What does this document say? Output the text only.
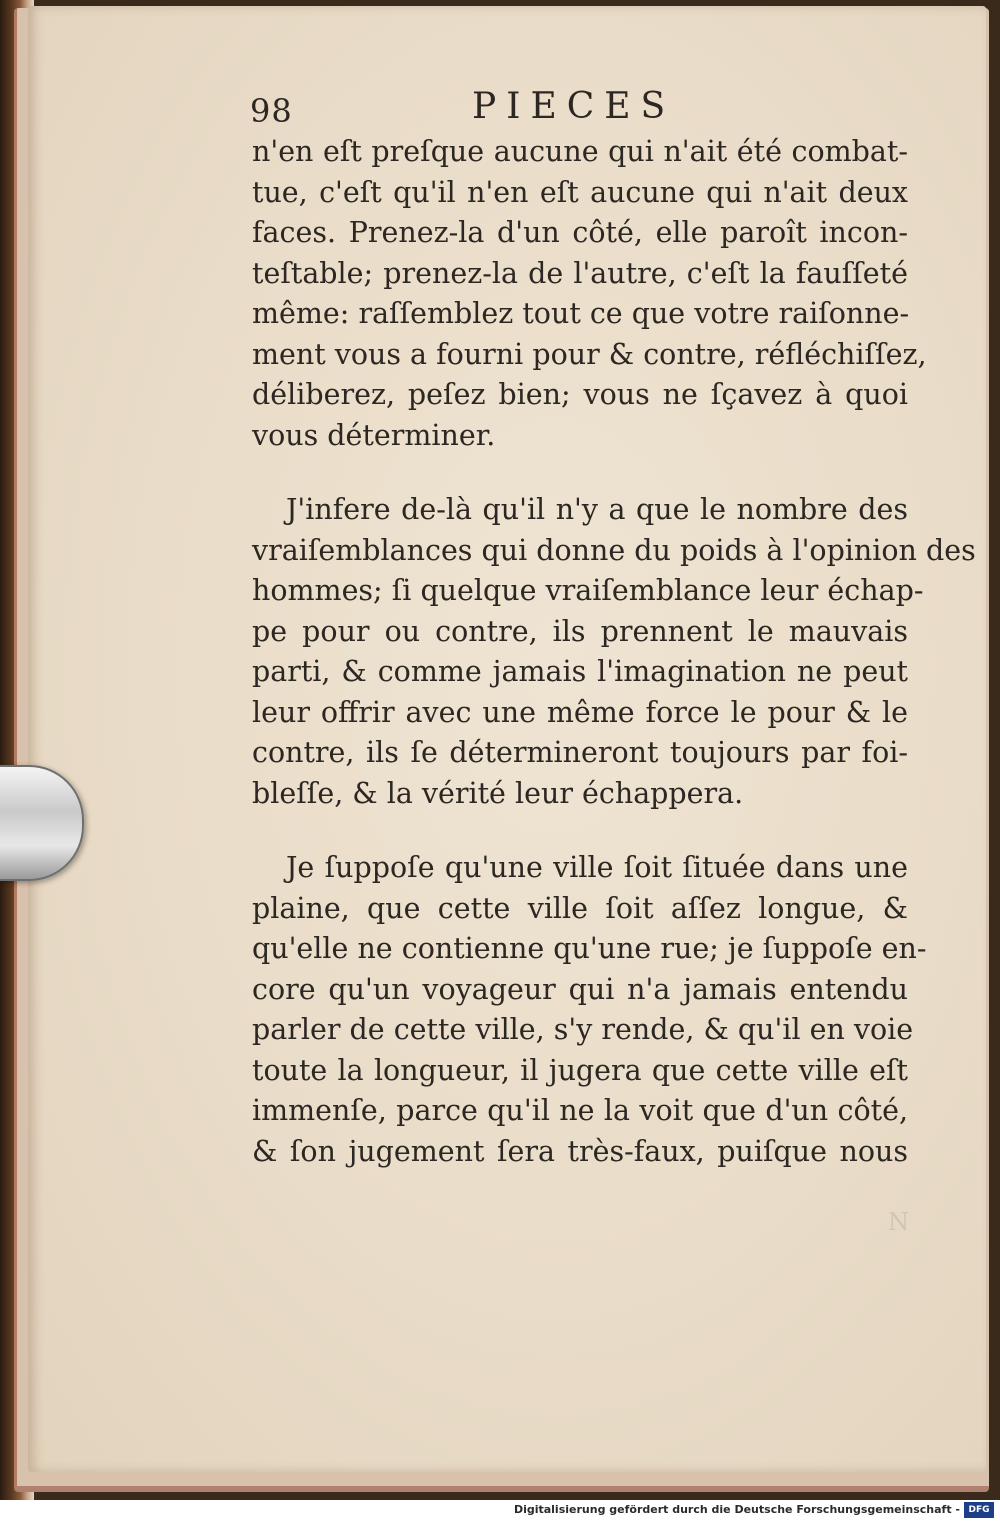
98	PIECES
n'en eſt preſque aucune qui n'ait été combat-
tue, c'eſt qu'il n'en eſt aucune qui n'ait deux
faces. Prenez-la d'un côté, elle paroît incon-
teſtable; prenez-la de l'autre, c'eſt la fauſſeté
même: raſſemblez tout ce que votre raiſonne-
ment vous a fourni pour & contre, réfléchiſſez,
déliberez, peſez bien; vous ne ſçavez à quoi
vous déterminer.
J'infere de-là qu'il n'y a que le nombre des
vraiſemblances qui donne du poids à l'opinion des
hommes; ſi quelque vraiſemblance leur échap-
pe pour ou contre, ils prennent le mauvais
parti, & comme jamais l'imagination ne peut
leur offrir avec une même force le pour & le
contre, ils ſe détermineront toujours par foi-
bleſſe, & la vérité leur échappera.
Je ſuppoſe qu'une ville ſoit ſituée dans une
plaine, que cette ville ſoit aſſez longue, &
qu'elle ne contienne qu'une rue; je ſuppoſe en-
core qu'un voyageur qui n'a jamais entendu
parler de cette ville, s'y rende, & qu'il en voie
toute la longueur, il jugera que cette ville eſt
immenſe, parce qu'il ne la voit que d'un côté,
& ſon jugement ſera très-faux, puiſque nous
N
Digitalisierung gefördert durch die Deutsche Forschungsgemeinschaft - DFG
